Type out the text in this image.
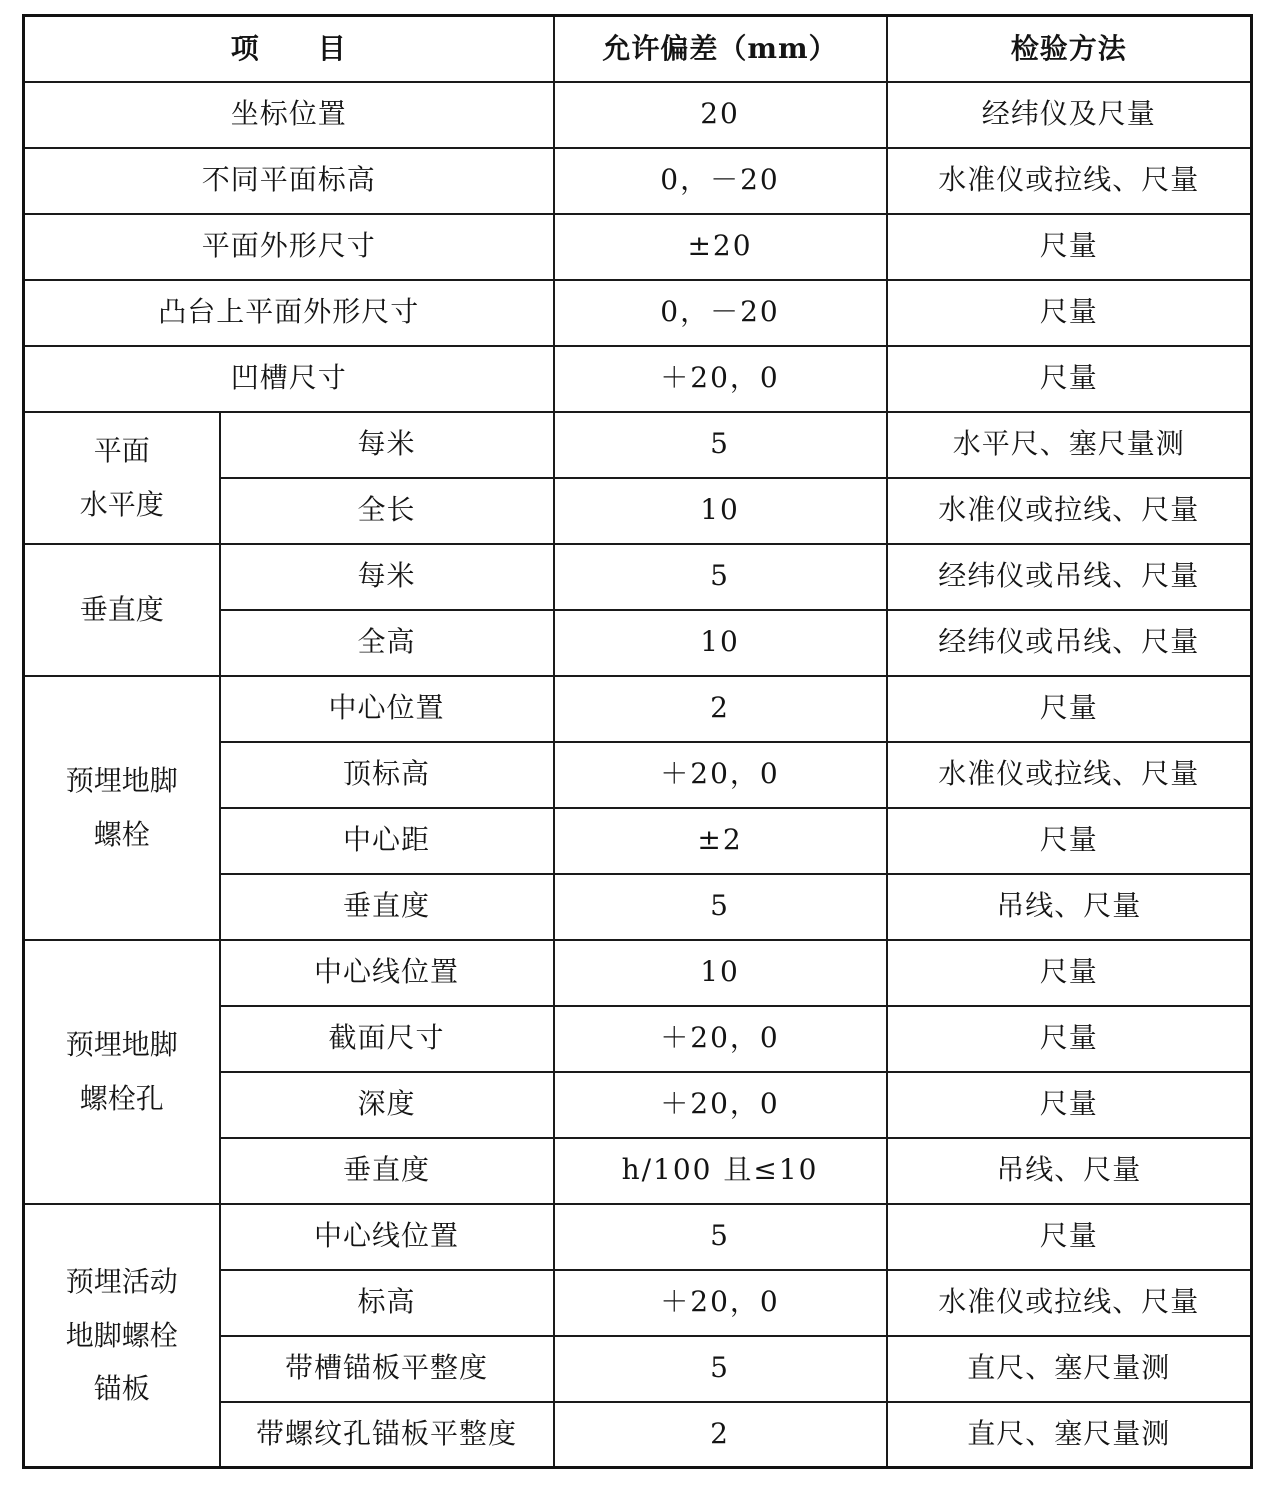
项　　目		允许偏差（mm）	检验方法
坐标位置		20	经纬仪及尺量
不同平面标高		0，－20	水准仪或拉线、尺量
平面外形尺寸		±20	尺量
凸台上平面外形尺寸		0，－20	尺量
凹槽尺寸		＋20，0	尺量
平面
水平度	每米	5	水平尺、塞尺量测
	全长	10	水准仪或拉线、尺量
垂直度	每米	5	经纬仪或吊线、尺量
	全高	10	经纬仪或吊线、尺量
预埋地脚
螺栓	中心位置	2	尺量
	顶标高	＋20，0	水准仪或拉线、尺量
	中心距	±2	尺量
	垂直度	5	吊线、尺量
预埋地脚
螺栓孔	中心线位置	10	尺量
	截面尺寸	＋20，0	尺量
	深度	＋20，0	尺量
	垂直度	h/100 且≤10	吊线、尺量
预埋活动
地脚螺栓
锚板	中心线位置	5	尺量
	标高	＋20，0	水准仪或拉线、尺量
	带槽锚板平整度	5	直尺、塞尺量测
	带螺纹孔锚板平整度	2	直尺、塞尺量测
